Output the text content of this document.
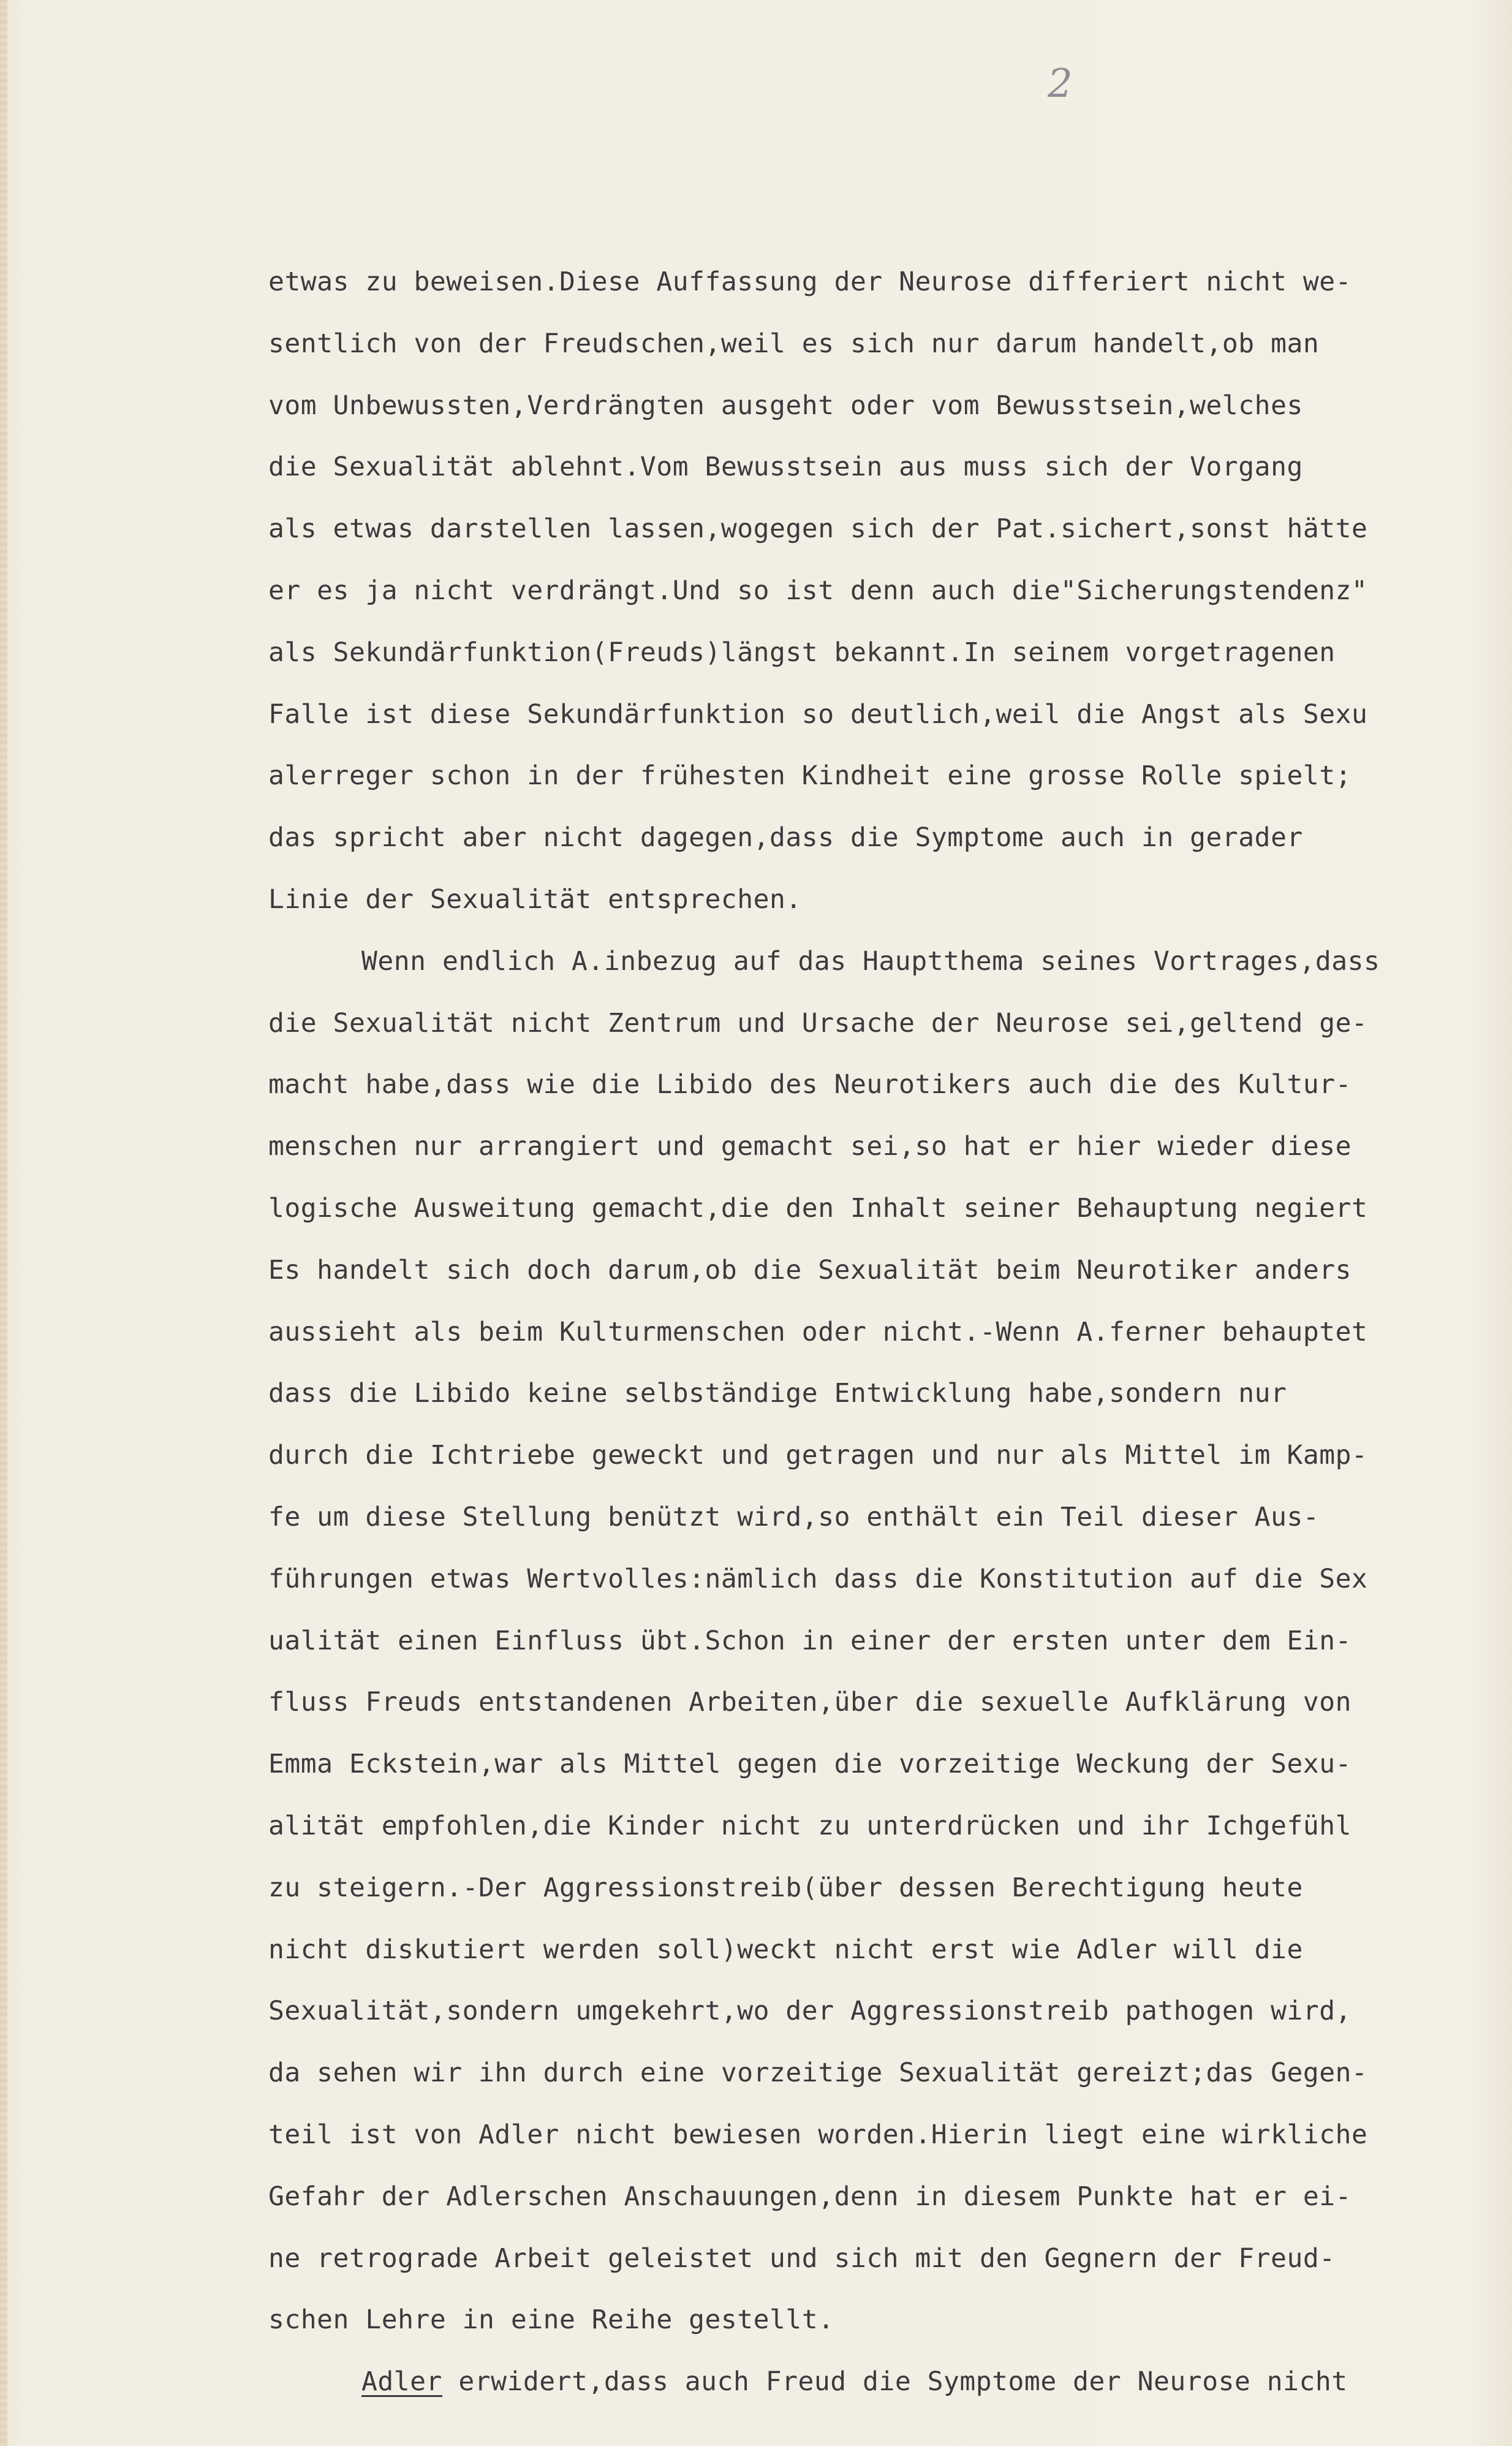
2
etwas zu beweisen.Diese Auffassung der Neurose differiert nicht we-
sentlich von der Freudschen,weil es sich nur darum handelt,ob man
vom Unbewussten,Verdrängten ausgeht oder vom Bewusstsein,welches
die Sexualität ablehnt.Vom Bewusstsein aus muss sich der Vorgang
als etwas darstellen lassen,wogegen sich der Pat.sichert,sonst hätte
er es ja nicht verdrängt.Und so ist denn auch die"Sicherungstendenz"
als Sekundärfunktion(Freuds)längst bekannt.In seinem vorgetragenen
Falle ist diese Sekundärfunktion so deutlich,weil die Angst als Sexu
alerreger schon in der frühesten Kindheit eine grosse Rolle spielt;
das spricht aber nicht dagegen,dass die Symptome auch in gerader
Linie der Sexualität entsprechen.
Wenn endlich A.inbezug auf das Hauptthema seines Vortrages,dass
die Sexualität nicht Zentrum und Ursache der Neurose sei,geltend ge-
macht habe,dass wie die Libido des Neurotikers auch die des Kultur-
menschen nur arrangiert und gemacht sei,so hat er hier wieder diese
logische Ausweitung gemacht,die den Inhalt seiner Behauptung negiert
Es handelt sich doch darum,ob die Sexualität beim Neurotiker anders
aussieht als beim Kulturmenschen oder nicht.-Wenn A.ferner behauptet
dass die Libido keine selbständige Entwicklung habe,sondern nur
durch die Ichtriebe geweckt und getragen und nur als Mittel im Kamp-
fe um diese Stellung benützt wird,so enthält ein Teil dieser Aus-
führungen etwas Wertvolles:nämlich dass die Konstitution auf die Sex
ualität einen Einfluss übt.Schon in einer der ersten unter dem Ein-
fluss Freuds entstandenen Arbeiten,über die sexuelle Aufklärung von
Emma Eckstein,war als Mittel gegen die vorzeitige Weckung der Sexu-
alität empfohlen,die Kinder nicht zu unterdrücken und ihr Ichgefühl
zu steigern.-Der Aggressionstreib(über dessen Berechtigung heute
nicht diskutiert werden soll)weckt nicht erst wie Adler will die
Sexualität,sondern umgekehrt,wo der Aggressionstreib pathogen wird,
da sehen wir ihn durch eine vorzeitige Sexualität gereizt;das Gegen-
teil ist von Adler nicht bewiesen worden.Hierin liegt eine wirkliche
Gefahr der Adlerschen Anschauungen,denn in diesem Punkte hat er ei-
ne retrograde Arbeit geleistet und sich mit den Gegnern der Freud-
schen Lehre in eine Reihe gestellt.
Adler erwidert,dass auch Freud die Symptome der Neurose nicht
